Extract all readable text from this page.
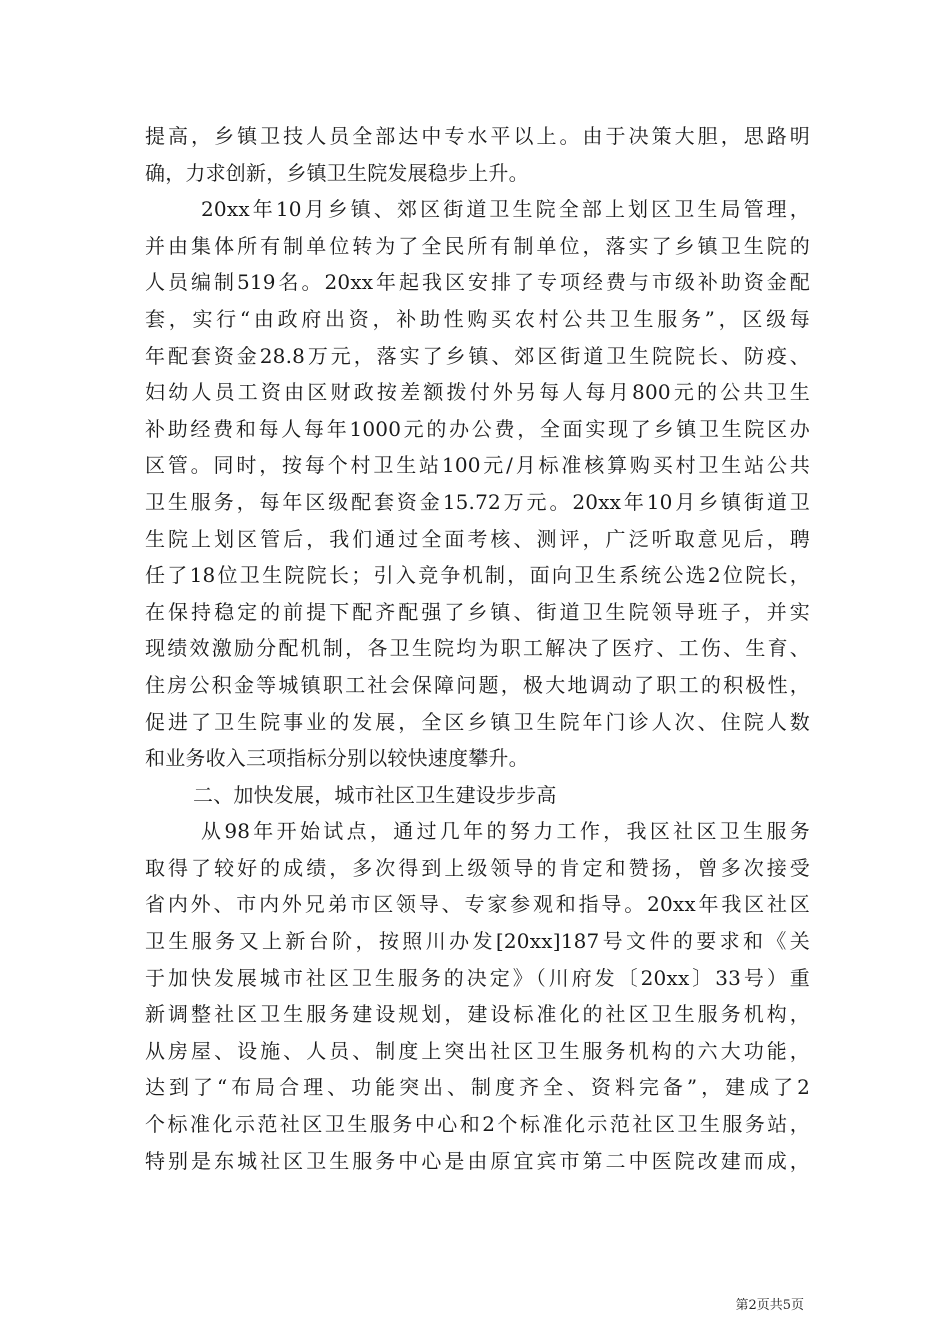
提高，乡镇卫技人员全部达中专水平以上。由于决策大胆，思路明
确，力求创新，乡镇卫生院发展稳步上升。
20xx年10月乡镇、郊区街道卫生院全部上划区卫生局管理，
并由集体所有制单位转为了全民所有制单位，落实了乡镇卫生院的
人员编制519名。20xx年起我区安排了专项经费与市级补助资金配
套，实行“由政府出资，补助性购买农村公共卫生服务”，区级每
年配套资金28.8万元，落实了乡镇、郊区街道卫生院院长、防疫、
妇幼人员工资由区财政按差额拨付外另每人每月800元的公共卫生
补助经费和每人每年1000元的办公费，全面实现了乡镇卫生院区办
区管。同时，按每个村卫生站100元/月标准核算购买村卫生站公共
卫生服务，每年区级配套资金15.72万元。20xx年10月乡镇街道卫
生院上划区管后，我们通过全面考核、测评，广泛听取意见后，聘
任了18位卫生院院长；引入竞争机制，面向卫生系统公选2位院长，
在保持稳定的前提下配齐配强了乡镇、街道卫生院领导班子，并实
现绩效激励分配机制，各卫生院均为职工解决了医疗、工伤、生育、
住房公积金等城镇职工社会保障问题，极大地调动了职工的积极性，
促进了卫生院事业的发展，全区乡镇卫生院年门诊人次、住院人数
和业务收入三项指标分别以较快速度攀升。
二、加快发展，城市社区卫生建设步步高
从98年开始试点，通过几年的努力工作，我区社区卫生服务
取得了较好的成绩，多次得到上级领导的肯定和赞扬，曾多次接受
省内外、市内外兄弟市区领导、专家参观和指导。20xx年我区社区
卫生服务又上新台阶，按照川办发[20xx]187号文件的要求和《关
于加快发展城市社区卫生服务的决定》（川府发〔20xx〕33号）重
新调整社区卫生服务建设规划，建设标准化的社区卫生服务机构，
从房屋、设施、人员、制度上突出社区卫生服务机构的六大功能，
达到了“布局合理、功能突出、制度齐全、资料完备”，建成了2
个标准化示范社区卫生服务中心和2个标准化示范社区卫生服务站，
特别是东城社区卫生服务中心是由原宜宾市第二中医院改建而成，
第2页共5页
